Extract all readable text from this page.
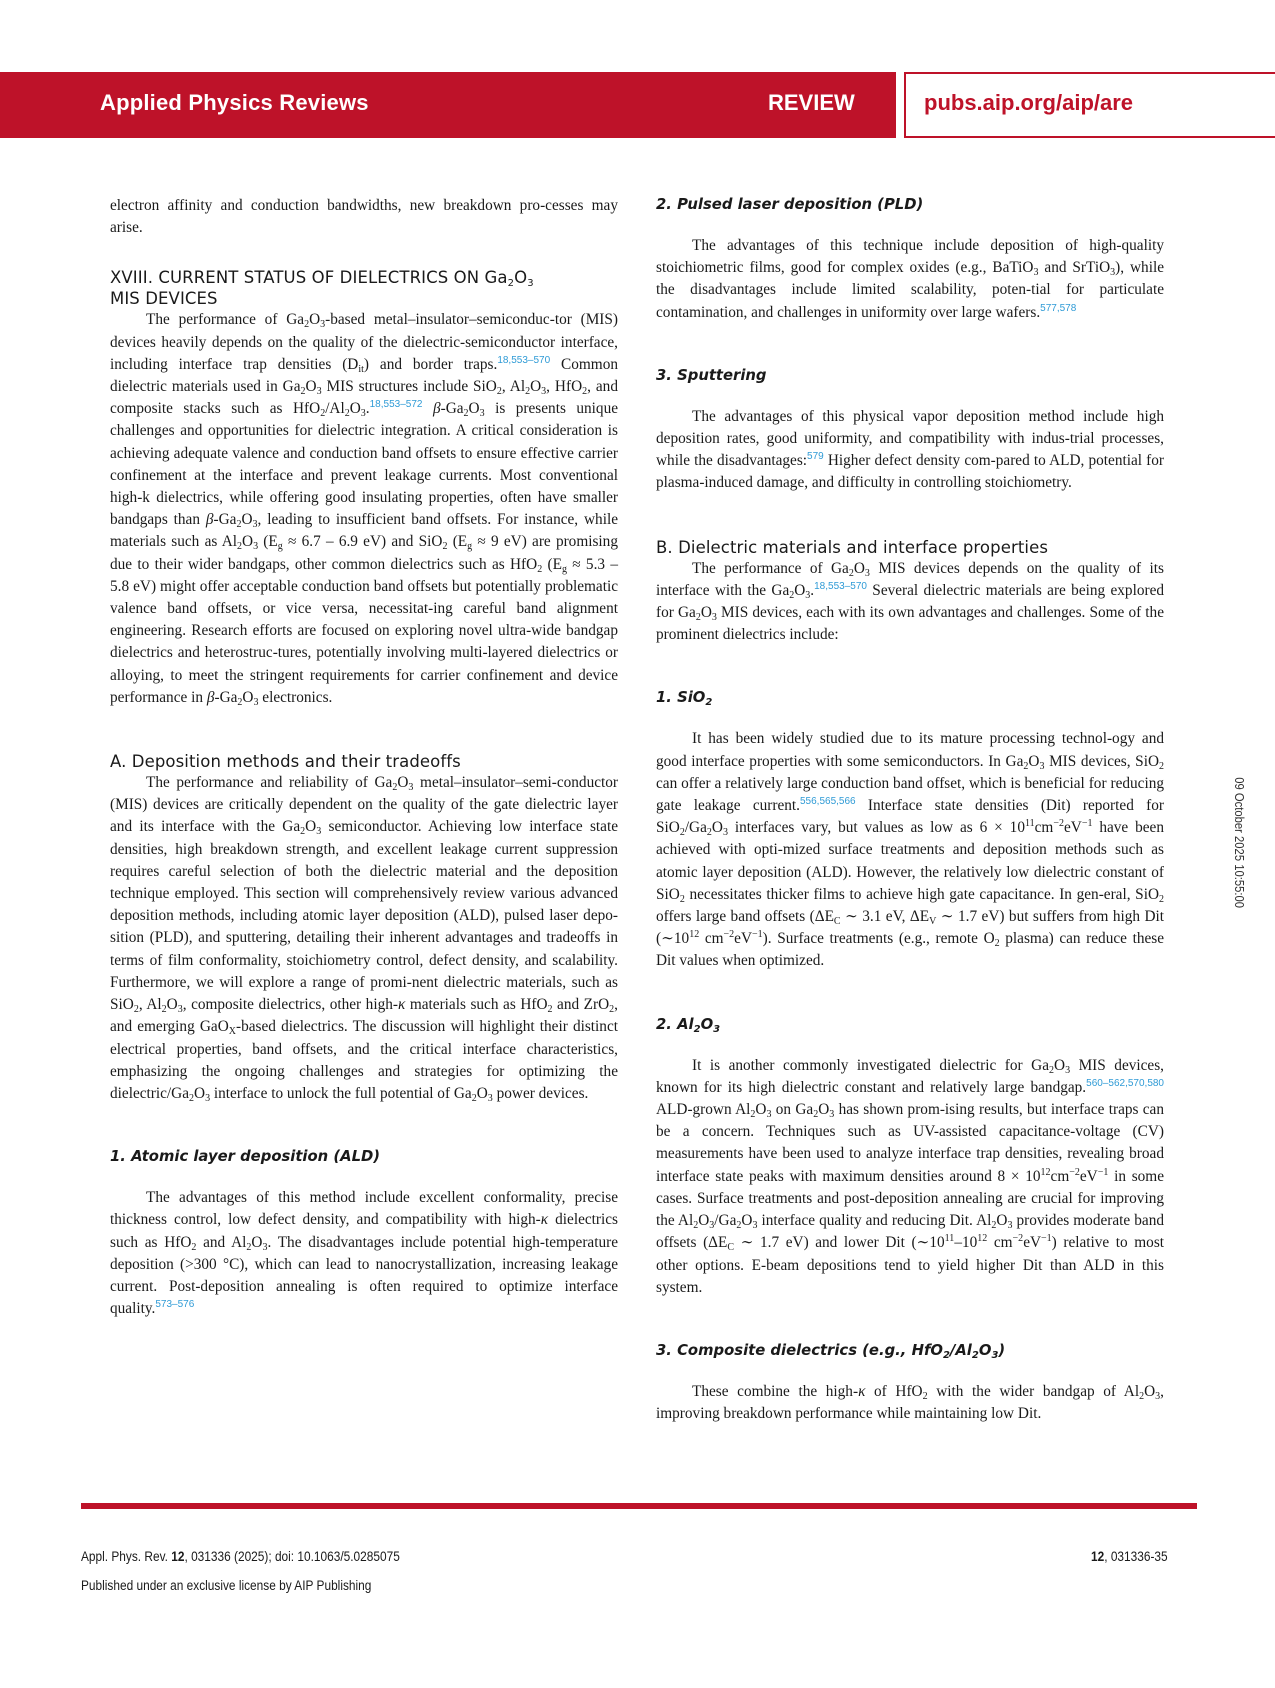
Applied Physics Reviews	REVIEW	pubs.aip.org/aip/are
09 October 2025 10:55:00

electron affinity and conduction bandwidths, new breakdown pro-cesses may arise.

XVIII. CURRENT STATUS OF DIELECTRICS ON $Ga_2O_3$
MIS DEVICES

The performance of $Ga_2O_3$-based metal–insulator–semiconduc-tor (MIS) devices heavily depends on the quality of the dielectric-semiconductor interface, including interface trap densities $(D_{it})$ and border traps.$^{18,553-570}$ Common dielectric materials used in $Ga_2O_3$ MIS structures include SiO$_2$, $Al_2O_3$, HfO$_2$, and composite stacks such as $HfO_2/Al_2O_3.^{18,553-572}$ $\beta-Ga_2O_3$ is presents unique challenges and opportunities for dielectric integration. A critical consideration is achieving adequate valence and conduction band offsets to ensure effective carrier confinement at the interface and prevent leakage currents. Most conventional high-k dielectrics, while offering good insulating properties, often have smaller bandgaps than $\beta-Ga_2O_3$, leading to insufficient band offsets. For instance, while materials such as $Al_2O_3$ ($E_g \approx 6.7 - 6.9$ eV) and SiO$_2$ ($E_g \approx 9$ eV) are promising due to their wider bandgaps, other common dielectrics such as HfO$_2$ ($E_g \approx 5.3 - 5.8$ eV) might offer acceptable conduction band offsets but potentially problematic valence band offsets, or vice versa, necessitat-ing careful band alignment engineering. Research efforts are focused on exploring novel ultra-wide bandgap dielectrics and heterostruc-tures, potentially involving multi-layered dielectrics or alloying, to meet the stringent requirements for carrier confinement and device performance in $\beta-Ga_2O_3$ electronics.

A. Deposition methods and their tradeoffs

The performance and reliability of $Ga_2O_3$ metal–insulator–semi-conductor (MIS) devices are critically dependent on the quality of the gate dielectric layer and its interface with the $Ga_2O_3$ semiconductor. Achieving low interface state densities, high breakdown strength, and excellent leakage current suppression requires careful selection of both the dielectric material and the deposition technique employed. This section will comprehensively review various advanced deposition methods, including atomic layer deposition (ALD), pulsed laser depo-sition (PLD), and sputtering, detailing their inherent advantages and tradeoffs in terms of film conformality, stoichiometry control, defect density, and scalability. Furthermore, we will explore a range of promi-nent dielectric materials, such as SiO$_2$, $Al_2O_3$, composite dielectrics, other high-κ materials such as HfO$_2$ and ZrO$_2$, and emerging GaO$_X$-based dielectrics. The discussion will highlight their distinct electrical properties, band offsets, and the critical interface characteristics, emphasizing the ongoing challenges and strategies for optimizing the dielectric/$Ga_2O_3$ interface to unlock the full potential of $Ga_2O_3$ power devices.

1. Atomic layer deposition (ALD)

The advantages of this method include excellent conformality, precise thickness control, low defect density, and compatibility with high-κ dielectrics such as HfO$_2$ and $Al_2O_3$. The disadvantages include potential high-temperature deposition (>300 °C), which can lead to nanocrystallization, increasing leakage current. Post-deposition annealing is often required to optimize interface quality.$^{573-576}$

2. Pulsed laser deposition (PLD)

The advantages of this technique include deposition of high-quality stoichiometric films, good for complex oxides (e.g., BaTiO$_3$ and SrTiO$_3$), while the disadvantages include limited scalability, poten-tial for particulate contamination, and challenges in uniformity over large wafers.$^{577,578}$

3. Sputtering

The advantages of this physical vapor deposition method include high deposition rates, good uniformity, and compatibility with indus-trial processes, while the disadvantages:$^{579}$ Higher defect density com-pared to ALD, potential for plasma-induced damage, and difficulty in controlling stoichiometry.

B. Dielectric materials and interface properties

The performance of $Ga_2O_3$ MIS devices depends on the quality of its interface with the $Ga_2O_3.^{18,553-570}$ Several dielectric materials are being explored for $Ga_2O_3$ MIS devices, each with its own advantages and challenges. Some of the prominent dielectrics include:

1. SiO$_2$

It has been widely studied due to its mature processing technol-ogy and good interface properties with some semiconductors. In $Ga_2O_3$ MIS devices, SiO$_2$ can offer a relatively large conduction band offset, which is beneficial for reducing gate leakage current.$^{556,565,566}$ Interface state densities (Dit) reported for $SiO_2/Ga_2O_3$ interfaces vary, but values as low as $6 \times 10^{11}cm^{-2}eV^{-1}$ have been achieved with opti-mized surface treatments and deposition methods such as atomic layer deposition (ALD). However, the relatively low dielectric constant of SiO$_2$ necessitates thicker films to achieve high gate capacitance. In gen-eral, SiO$_2$ offers large band offsets ($\Delta E_C$ ∼ 3.1 eV, $\Delta E_V$ ∼ 1.7 eV) but suffers from high Dit ($\sim 10^{12}$ $cm^{-2}eV^{-1}$). Surface treatments (e.g., remote $O_2$ plasma) can reduce these Dit values when optimized.

2. $Al_2O_3$

It is another commonly investigated dielectric for $Ga_2O_3$ MIS devices, known for its high dielectric constant and relatively large bandgap.$^{560-562,570,580}$ ALD-grown $Al_2O_3$ on $Ga_2O_3$ has shown prom-ising results, but interface traps can be a concern. Techniques such as UV-assisted capacitance-voltage (CV) measurements have been used to analyze interface trap densities, revealing broad interface state peaks with maximum densities around $8 \times 10^{12}cm^{-2}eV^{-1}$ in some cases. Surface treatments and post-deposition annealing are crucial for improving the $Al_2O_3/Ga_2O_3$ interface quality and reducing Dit. $Al_2O_3$ provides moderate band offsets ($\Delta E_C$ ∼ 1.7 eV) and lower Dit ($\sim 10^{11}-10^{12}$ $cm^{-2}eV^{-1}$) relative to most other options. E-beam depositions tend to yield higher Dit than ALD in this system.

3. Composite dielectrics (e.g., $HfO_2/Al_2O_3$)

These combine the high-κ of HfO$_2$ with the wider bandgap of $Al_2O_3$, improving breakdown performance while maintaining low Dit.

Appl. Phys. Rev. 12, 031336 (2025); doi: 10.1063/5.0285075
Published under an exclusive license by AIP Publishing
12, 031336-35
